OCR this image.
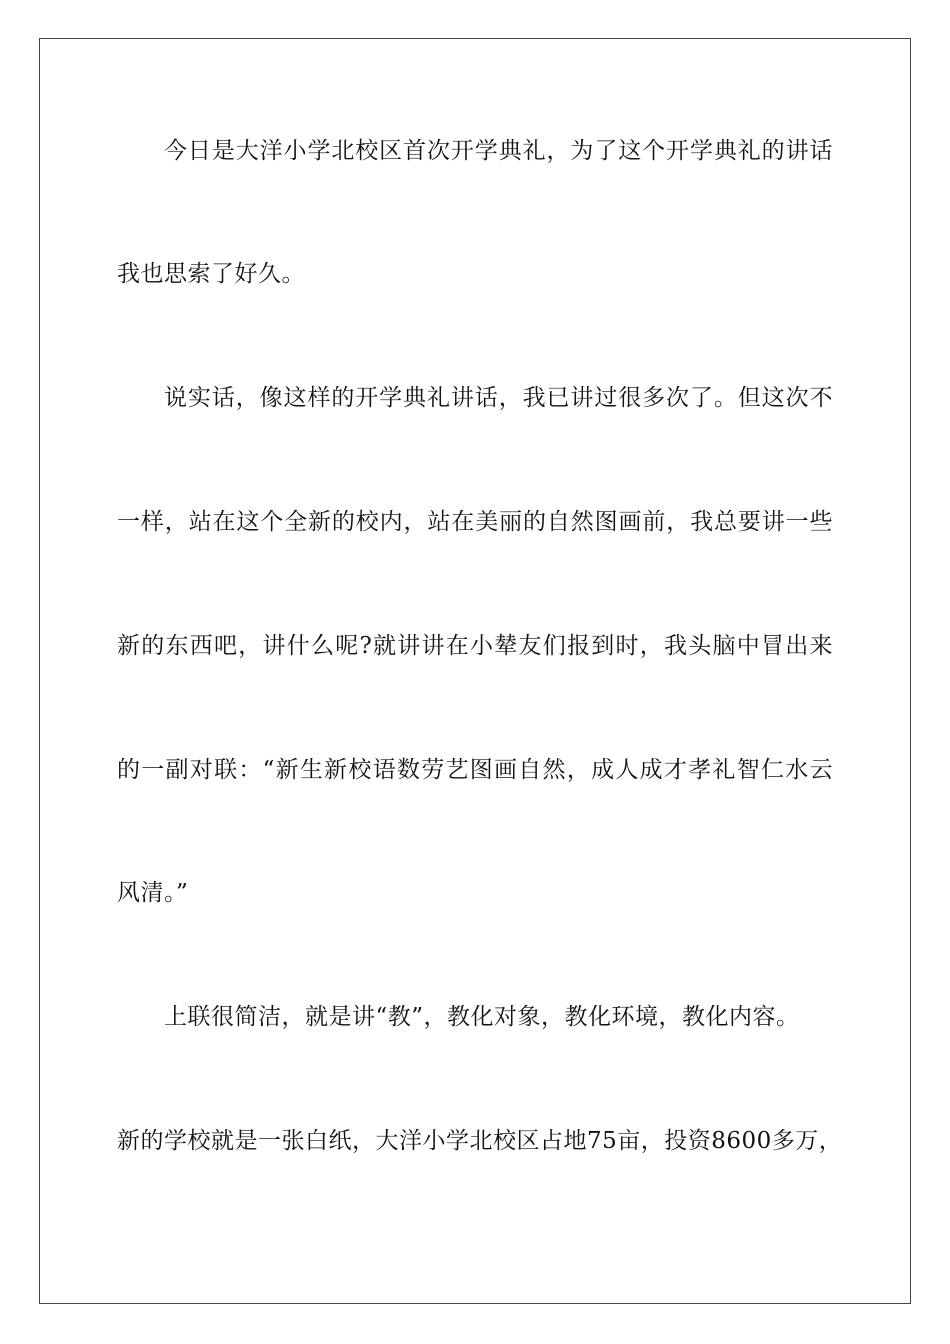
今日是大洋小学北校区首次开学典礼，为了这个开学典礼的讲话
我也思索了好久。
说实话，像这样的开学典礼讲话，我已讲过很多次了。但这次不
一样，站在这个全新的校内，站在美丽的自然图画前，我总要讲一些
新的东西吧，讲什么呢?就讲讲在小辇友们报到时，我头脑中冒出来
的一副对联：“新生新校语数劳艺图画自然，成人成才孝礼智仁水云
风清。”
上联很简洁，就是讲“教”，教化对象，教化环境，教化内容。
新的学校就是一张白纸，大洋小学北校区占地75亩，投资8600多万，
